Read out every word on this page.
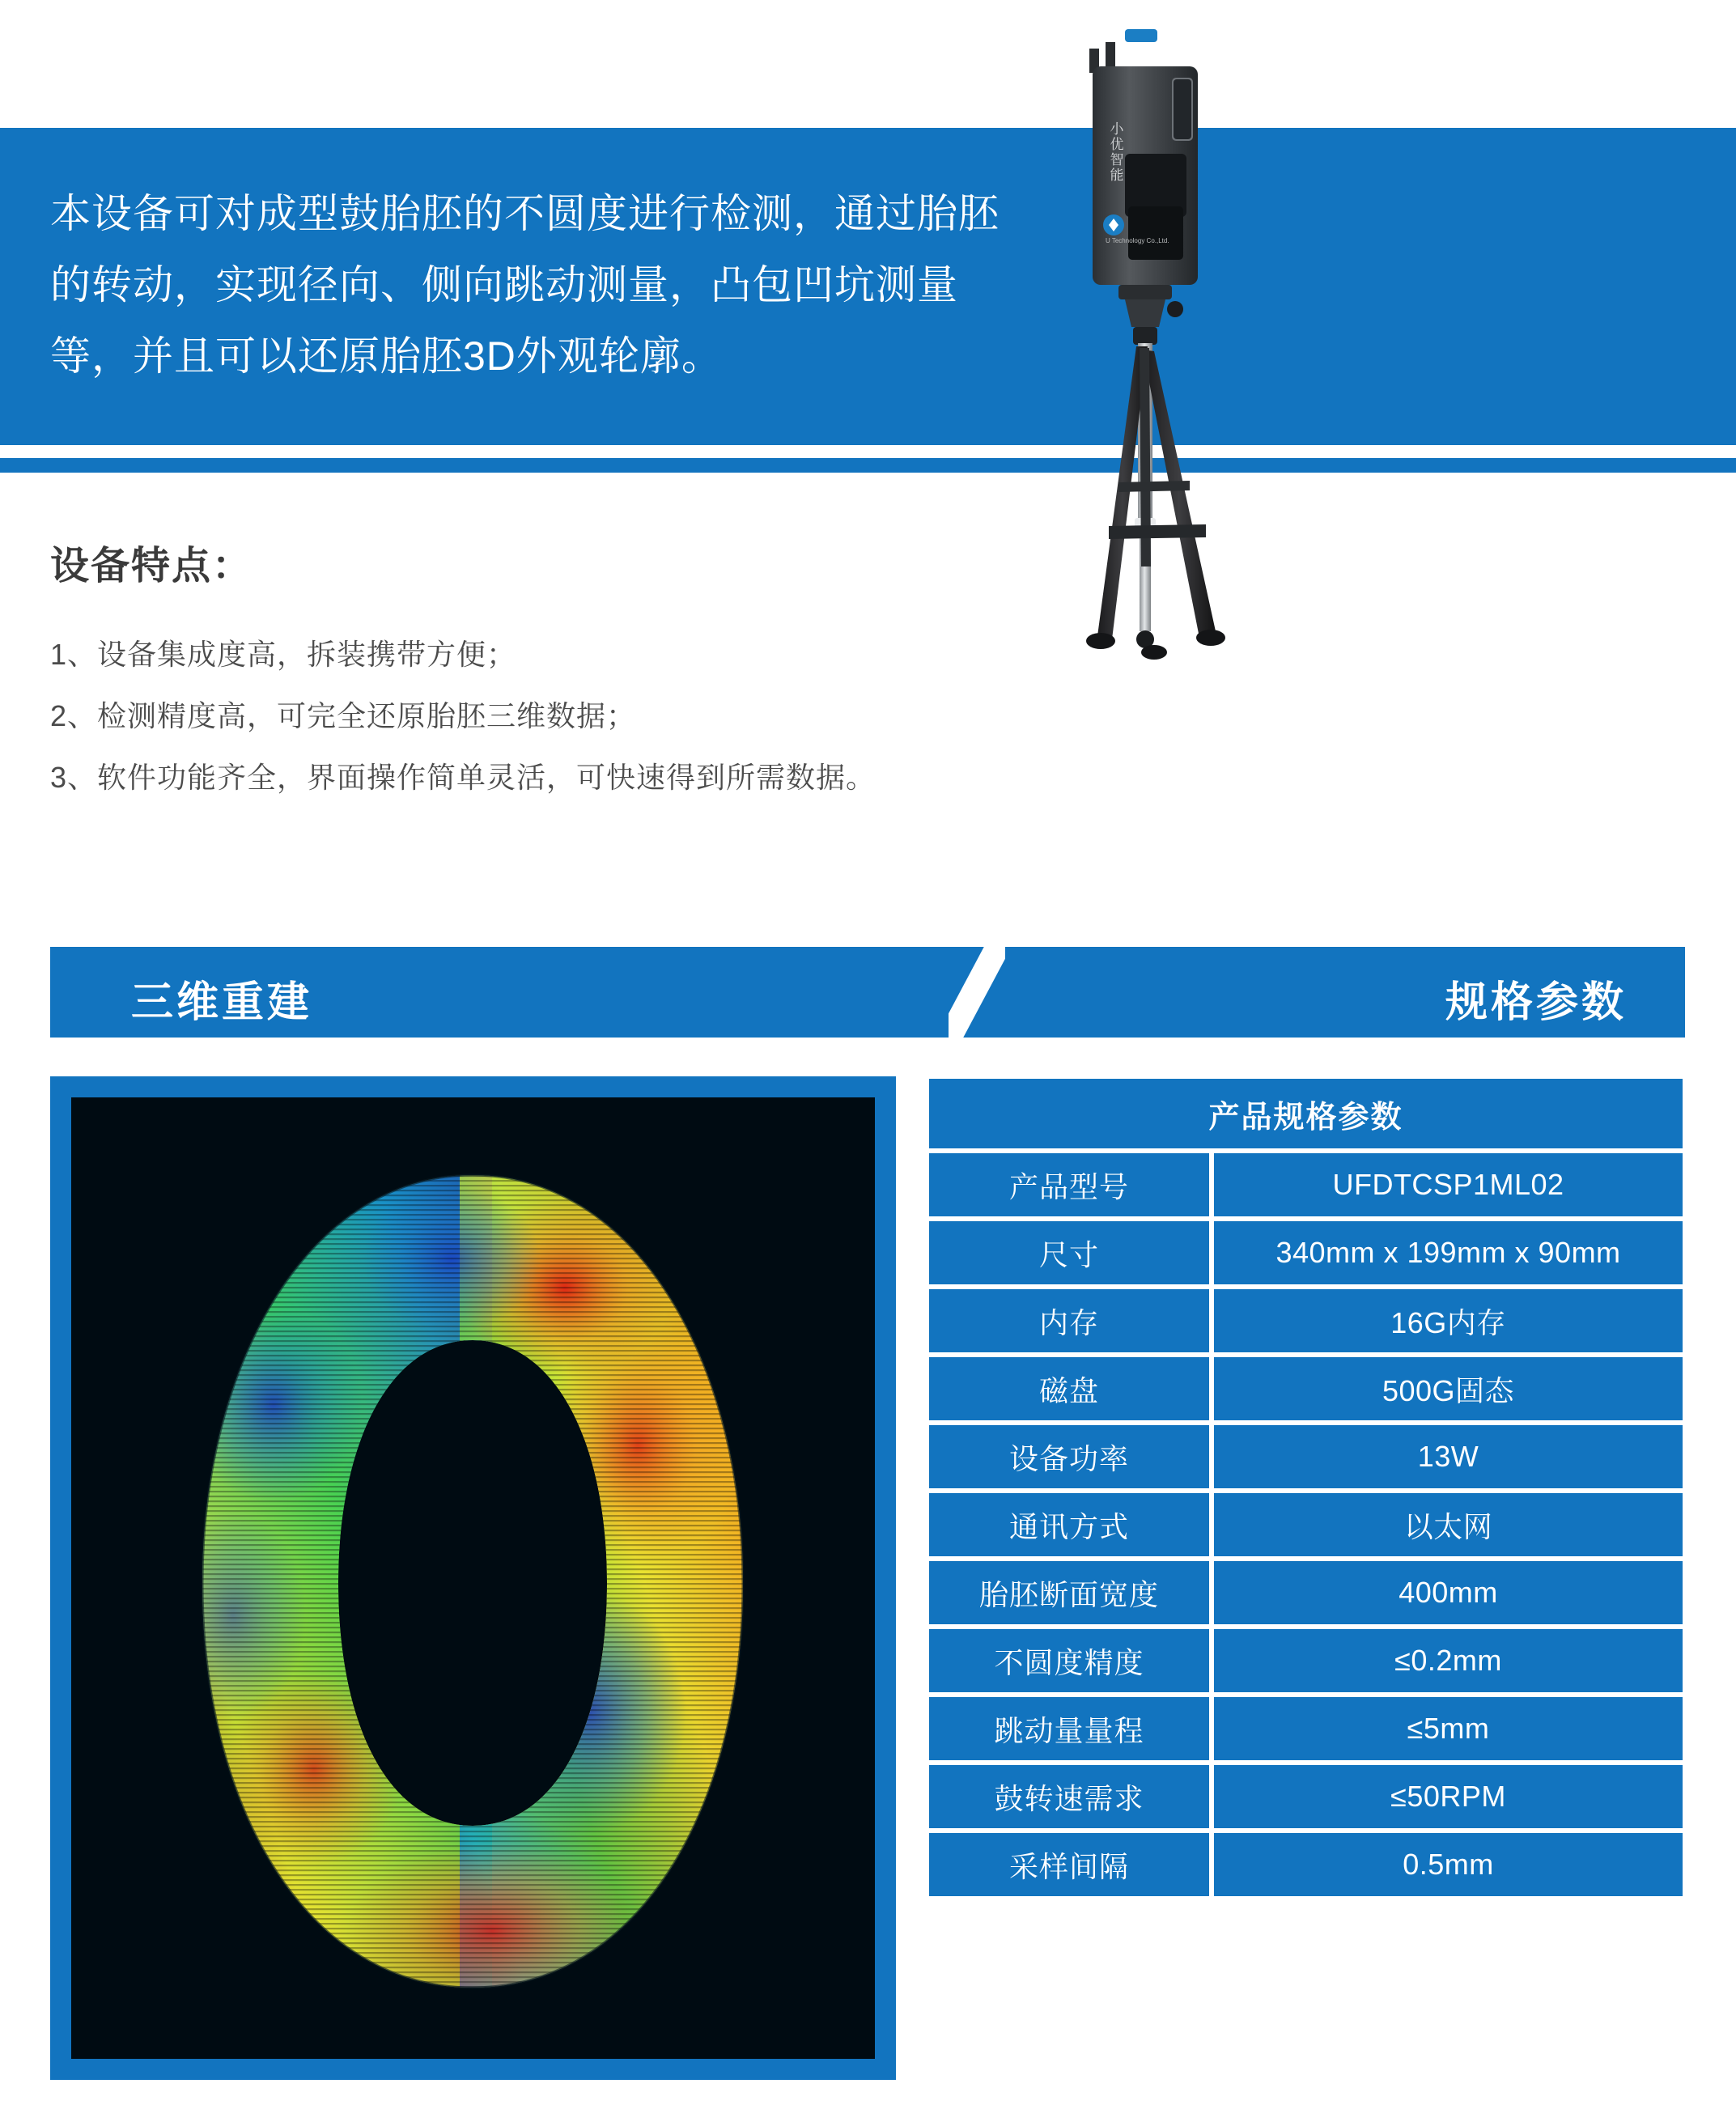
本设备可对成型鼓胎胚的不圆度进行检测，通过胎胚的转动，实现径向、侧向跳动测量，凸包凹坑测量等，并且可以还原胎胚3D外观轮廓。
设备特点：
1、设备集成度高，拆装携带方便；
2、检测精度高，可完全还原胎胚三维数据；
3、软件功能齐全，界面操作简单灵活，可快速得到所需数据。
小优智能
U Technology Co.,Ltd.
三维重建	规格参数
产品规格参数	
产品型号	UFDTCSP1ML02
尺寸	340mm x 199mm x 90mm
内存	16G内存
磁盘	500G固态
设备功率	13W
通讯方式	以太网
胎胚断面宽度	400mm
不圆度精度	≤0.2mm
跳动量量程	≤5mm
鼓转速需求	≤50RPM
采样间隔	0.5mm
